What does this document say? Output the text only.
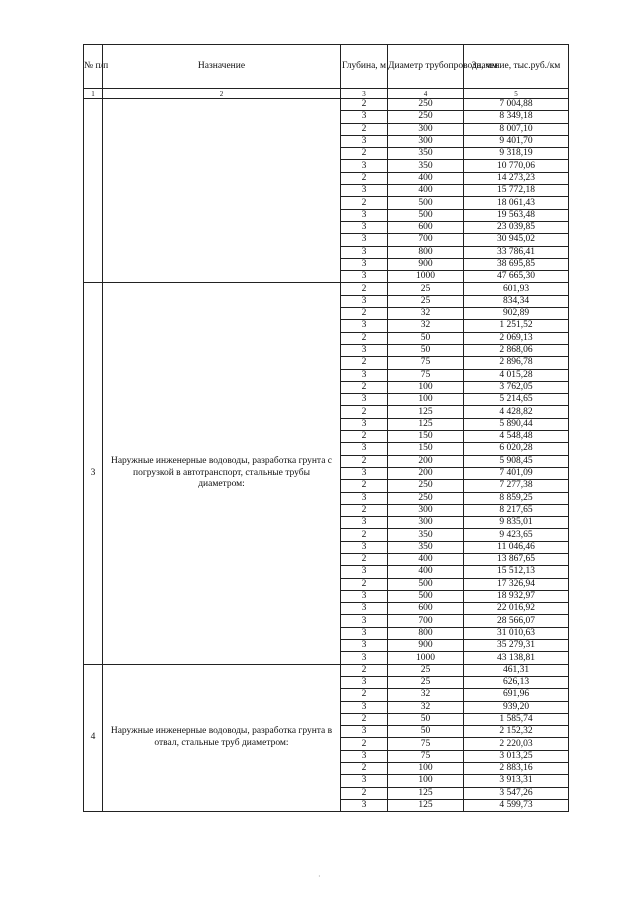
№ п/п	Назначение	Глубина, м	Диаметр трубопровода, мм	Значение, тыс.руб./км
1	2	3	4	5
		2	250	7 004,88
		3	250	8 349,18
		2	300	8 007,10
		3	300	9 401,70
		2	350	9 318,19
		3	350	10 770,06
		2	400	14 273,23
		3	400	15 772,18
		2	500	18 061,43
		3	500	19 563,48
		3	600	23 039,85
		3	700	30 945,02
		3	800	33 786,41
		3	900	38 695,85
		3	1000	47 665,30
3	Наружные инженерные водоводы, разработка грунта с погрузкой в автотранспорт, стальные трубы диаметром:	2	25	601,93
		3	25	834,34
		2	32	902,89
		3	32	1 251,52
		2	50	2 069,13
		3	50	2 868,06
		2	75	2 896,78
		3	75	4 015,28
		2	100	3 762,05
		3	100	5 214,65
		2	125	4 428,82
		3	125	5 890,44
		2	150	4 548,48
		3	150	6 020,28
		2	200	5 908,45
		3	200	7 401,09
		2	250	7 277,38
		3	250	8 859,25
		2	300	8 217,65
		3	300	9 835,01
		2	350	9 423,65
		3	350	11 046,46
		2	400	13 867,65
		3	400	15 512,13
		2	500	17 326,94
		3	500	18 932,97
		3	600	22 016,92
		3	700	28 566,07
		3	800	31 010,63
		3	900	35 279,31
		3	1000	43 138,81
4	Наружные инженерные водоводы, разработка грунта в отвал, стальные труб диаметром:	2	25	461,31
		3	25	626,13
		2	32	691,96
		3	32	939,20
		2	50	1 585,74
		3	50	2 152,32
		2	75	2 220,03
		3	75	3 013,25
		2	100	2 883,16
		3	100	3 913,31
		2	125	3 547,26
		3	125	4 599,73
·
